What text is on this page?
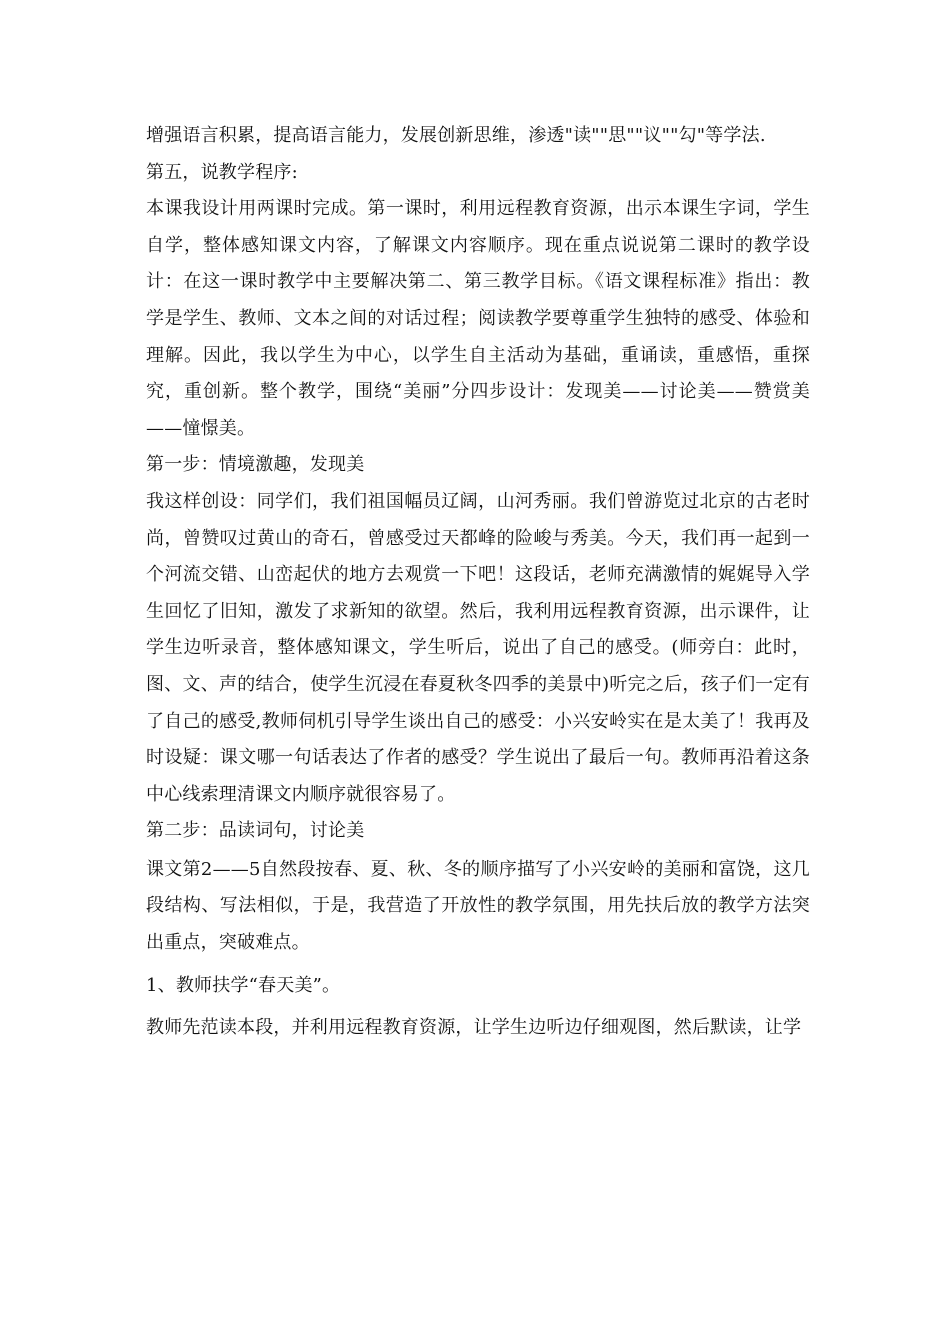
增强语言积累，提高语言能力，发展创新思维，渗透"读""思""议""勾"等学法.

第五，说教学程序:

本课我设计用两课时完成。第一课时，利用远程教育资源，出示本课生字词，学生自学，整体感知课文内容，了解课文内容顺序。现在重点说说第二课时的教学设计：在这一课时教学中主要解决第二、第三教学目标。《语文课程标准》指出：教学是学生、教师、文本之间的对话过程；阅读教学要尊重学生独特的感受、体验和理解。因此，我以学生为中心，以学生自主活动为基础，重诵读，重感悟，重探究，重创新。整个教学，围绕“美丽”分四步设计：发现美——讨论美——赞赏美——憧憬美。

第一步：情境激趣，发现美

我这样创设：同学们，我们祖国幅员辽阔，山河秀丽。我们曾游览过北京的古老时尚，曾赞叹过黄山的奇石，曾感受过天都峰的险峻与秀美。今天，我们再一起到一个河流交错、山峦起伏的地方去观赏一下吧！这段话，老师充满激情的娓娓导入学生回忆了旧知，激发了求新知的欲望。然后，我利用远程教育资源，出示课件，让学生边听录音，整体感知课文，学生听后，说出了自己的感受。(师旁白：此时，图、文、声的结合，使学生沉浸在春夏秋冬四季的美景中)听完之后，孩子们一定有了自己的感受,教师伺机引导学生谈出自己的感受：小兴安岭实在是太美了！我再及时设疑：课文哪一句话表达了作者的感受？学生说出了最后一句。教师再沿着这条中心线索理清课文内顺序就很容易了。

第二步：品读词句，讨论美

课文第2——5自然段按春、夏、秋、冬的顺序描写了小兴安岭的美丽和富饶，这几段结构、写法相似，于是，我营造了开放性的教学氛围，用先扶后放的教学方法突出重点，突破难点。

1、教师扶学“春天美”。

教师先范读本段，并利用远程教育资源，让学生边听边仔细观图，然后默读，让学
